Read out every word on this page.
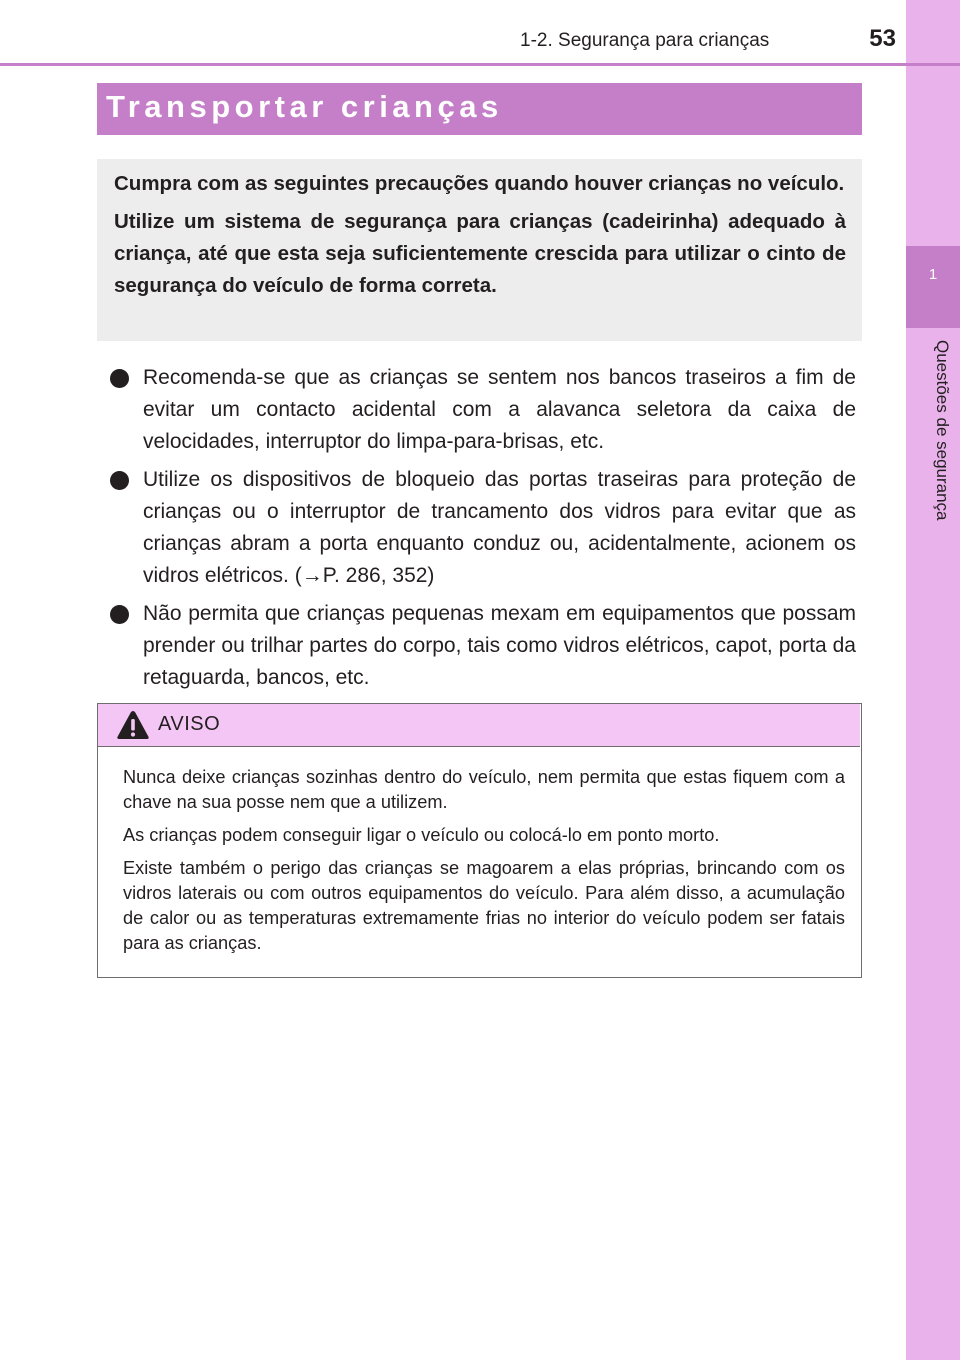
1
Questões de segurança
1-2. Segurança para crianças	53
Transportar crianças

Cumpra com as seguintes precauções quando houver crianças no veículo.

Utilize um sistema de segurança para crianças (cadeirinha) adequado à criança, até que esta seja suficientemente crescida para utilizar o cinto de segurança do veículo de forma correta.

Recomenda-se que as crianças se sentem nos bancos traseiros a fim de evitar um contacto acidental com a alavanca seletora da caixa de velocidades, interruptor do limpa-para-brisas, etc.
Utilize os dispositivos de bloqueio das portas traseiras para proteção de crianças ou o interruptor de trancamento dos vidros para evitar que as crianças abram a porta enquanto conduz ou, acidentalmente, acionem os vidros elétricos. (→P. 286, 352)
Não permita que crianças pequenas mexam em equipamentos que possam prender ou trilhar partes do corpo, tais como vidros elétricos, capot, porta da retaguarda, bancos, etc.
AVISO

Nunca deixe crianças sozinhas dentro do veículo, nem permita que estas fiquem com a chave na sua posse nem que a utilizem.

As crianças podem conseguir ligar o veículo ou colocá-lo em ponto morto.

Existe também o perigo das crianças se magoarem a elas próprias, brincando com os vidros laterais ou com outros equipamentos do veículo. Para além disso, a acumulação de calor ou as temperaturas extremamente frias no interior do veículo podem ser fatais para as crianças.
